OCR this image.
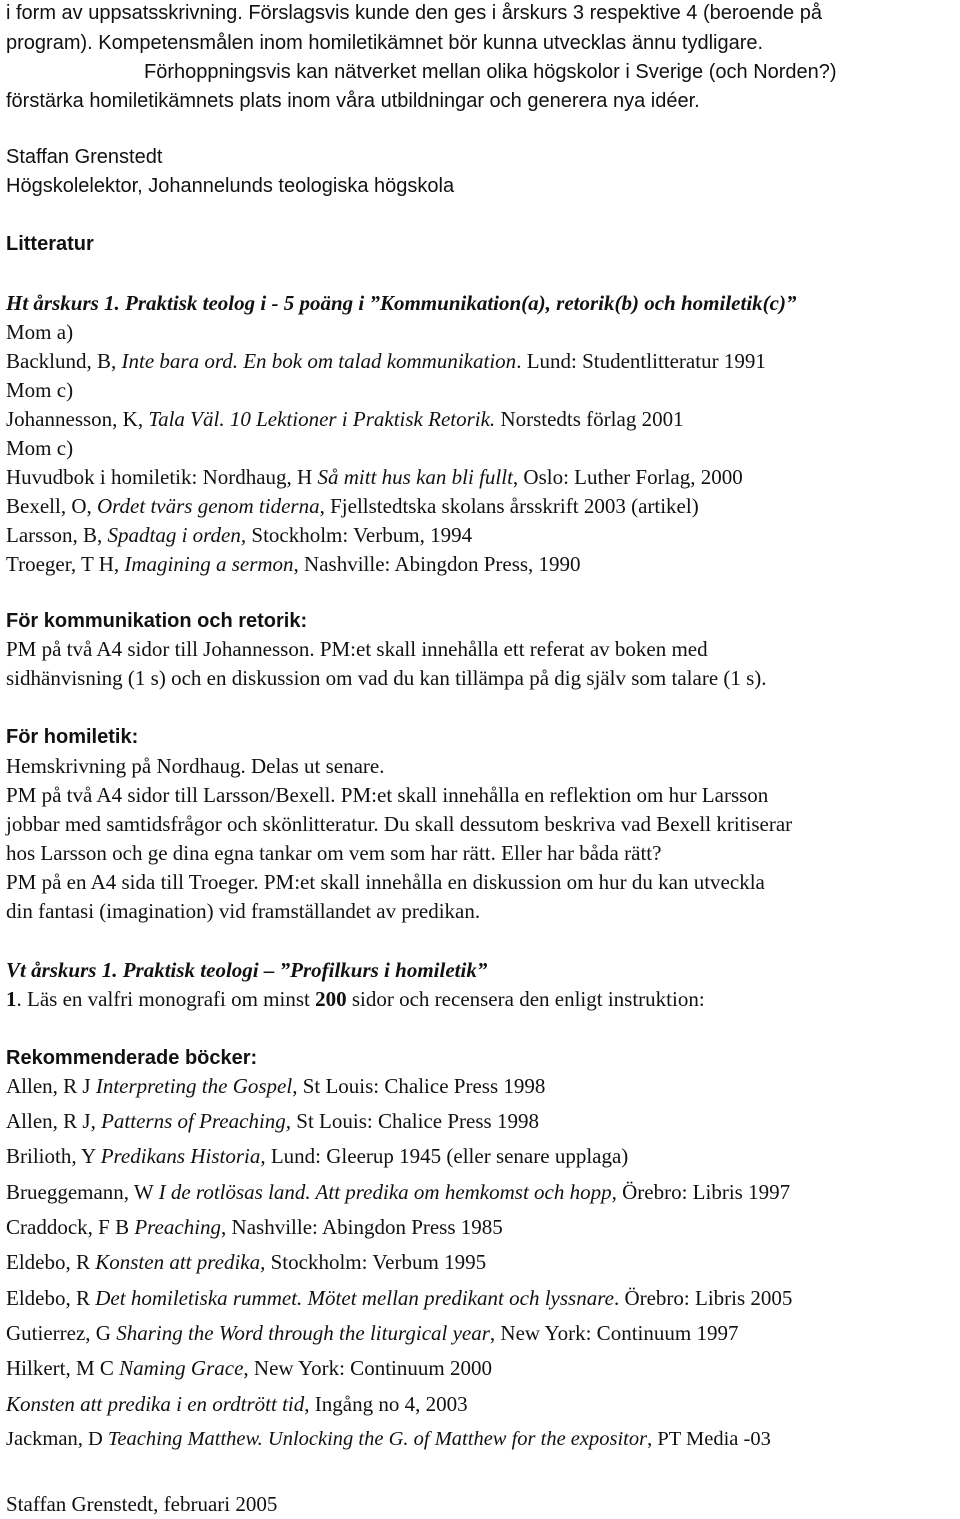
i form av uppsatsskrivning. Förslagsvis kunde den ges i årskurs 3 respektive 4 (beroende på
program). Kompetensmålen inom homiletikämnet bör kunna utvecklas ännu tydligare.
Förhoppningsvis kan nätverket mellan olika högskolor i Sverige (och Norden?)
förstärka homiletikämnets plats inom våra utbildningar och generera nya idéer.
Staffan Grenstedt
Högskolelektor, Johannelunds teologiska högskola
Litteratur
Ht årskurs 1. Praktisk teolog i - 5 poäng i ”Kommunikation(a), retorik(b) och homiletik(c)”
Mom a)
Backlund, B, Inte bara ord. En bok om talad kommunikation. Lund: Studentlitteratur 1991
Mom c)
Johannesson, K, Tala Väl. 10 Lektioner i Praktisk Retorik. Norstedts förlag 2001
Mom c)
Huvudbok i homiletik: Nordhaug, H Så mitt hus kan bli fullt, Oslo: Luther Forlag, 2000
Bexell, O, Ordet tvärs genom tiderna, Fjellstedtska skolans årsskrift 2003 (artikel)
Larsson, B, Spadtag i orden, Stockholm: Verbum, 1994
Troeger, T H, Imagining a sermon, Nashville: Abingdon Press, 1990
För kommunikation och retorik:
PM på två A4 sidor till Johannesson. PM:et skall innehålla ett referat av boken med
sidhänvisning (1 s) och en diskussion om vad du kan tillämpa på dig själv som talare (1 s).
För homiletik:
Hemskrivning på Nordhaug. Delas ut senare.
PM på två A4 sidor till Larsson/Bexell. PM:et skall innehålla en reflektion om hur Larsson
jobbar med samtidsfrågor och skönlitteratur. Du skall dessutom beskriva vad Bexell kritiserar
hos Larsson och ge dina egna tankar om vem som har rätt. Eller har båda rätt?
PM på en A4 sida till Troeger. PM:et skall innehålla en diskussion om hur du kan utveckla
din fantasi (imagination) vid framställandet av predikan.
Vt årskurs 1. Praktisk teologi – ”Profilkurs i homiletik”
1. Läs en valfri monografi om minst 200 sidor och recensera den enligt instruktion:
Rekommenderade böcker:
Allen, R J Interpreting the Gospel, St Louis: Chalice Press 1998
Allen, R J, Patterns of Preaching, St Louis: Chalice Press 1998
Brilioth, Y Predikans Historia, Lund: Gleerup 1945 (eller senare upplaga)
Brueggemann, W I de rotlösas land. Att predika om hemkomst och hopp, Örebro: Libris 1997
Craddock, F B Preaching, Nashville: Abingdon Press 1985
Eldebo, R Konsten att predika, Stockholm: Verbum 1995
Eldebo, R Det homiletiska rummet. Mötet mellan predikant och lyssnare. Örebro: Libris 2005
Gutierrez, G Sharing the Word through the liturgical year, New York: Continuum 1997
Hilkert, M C Naming Grace, New York: Continuum 2000
Konsten att predika i en ordtrött tid, Ingång no 4, 2003
Jackman, D Teaching Matthew. Unlocking the G. of Matthew for the expositor, PT Media -03
Staffan Grenstedt, februari 2005
